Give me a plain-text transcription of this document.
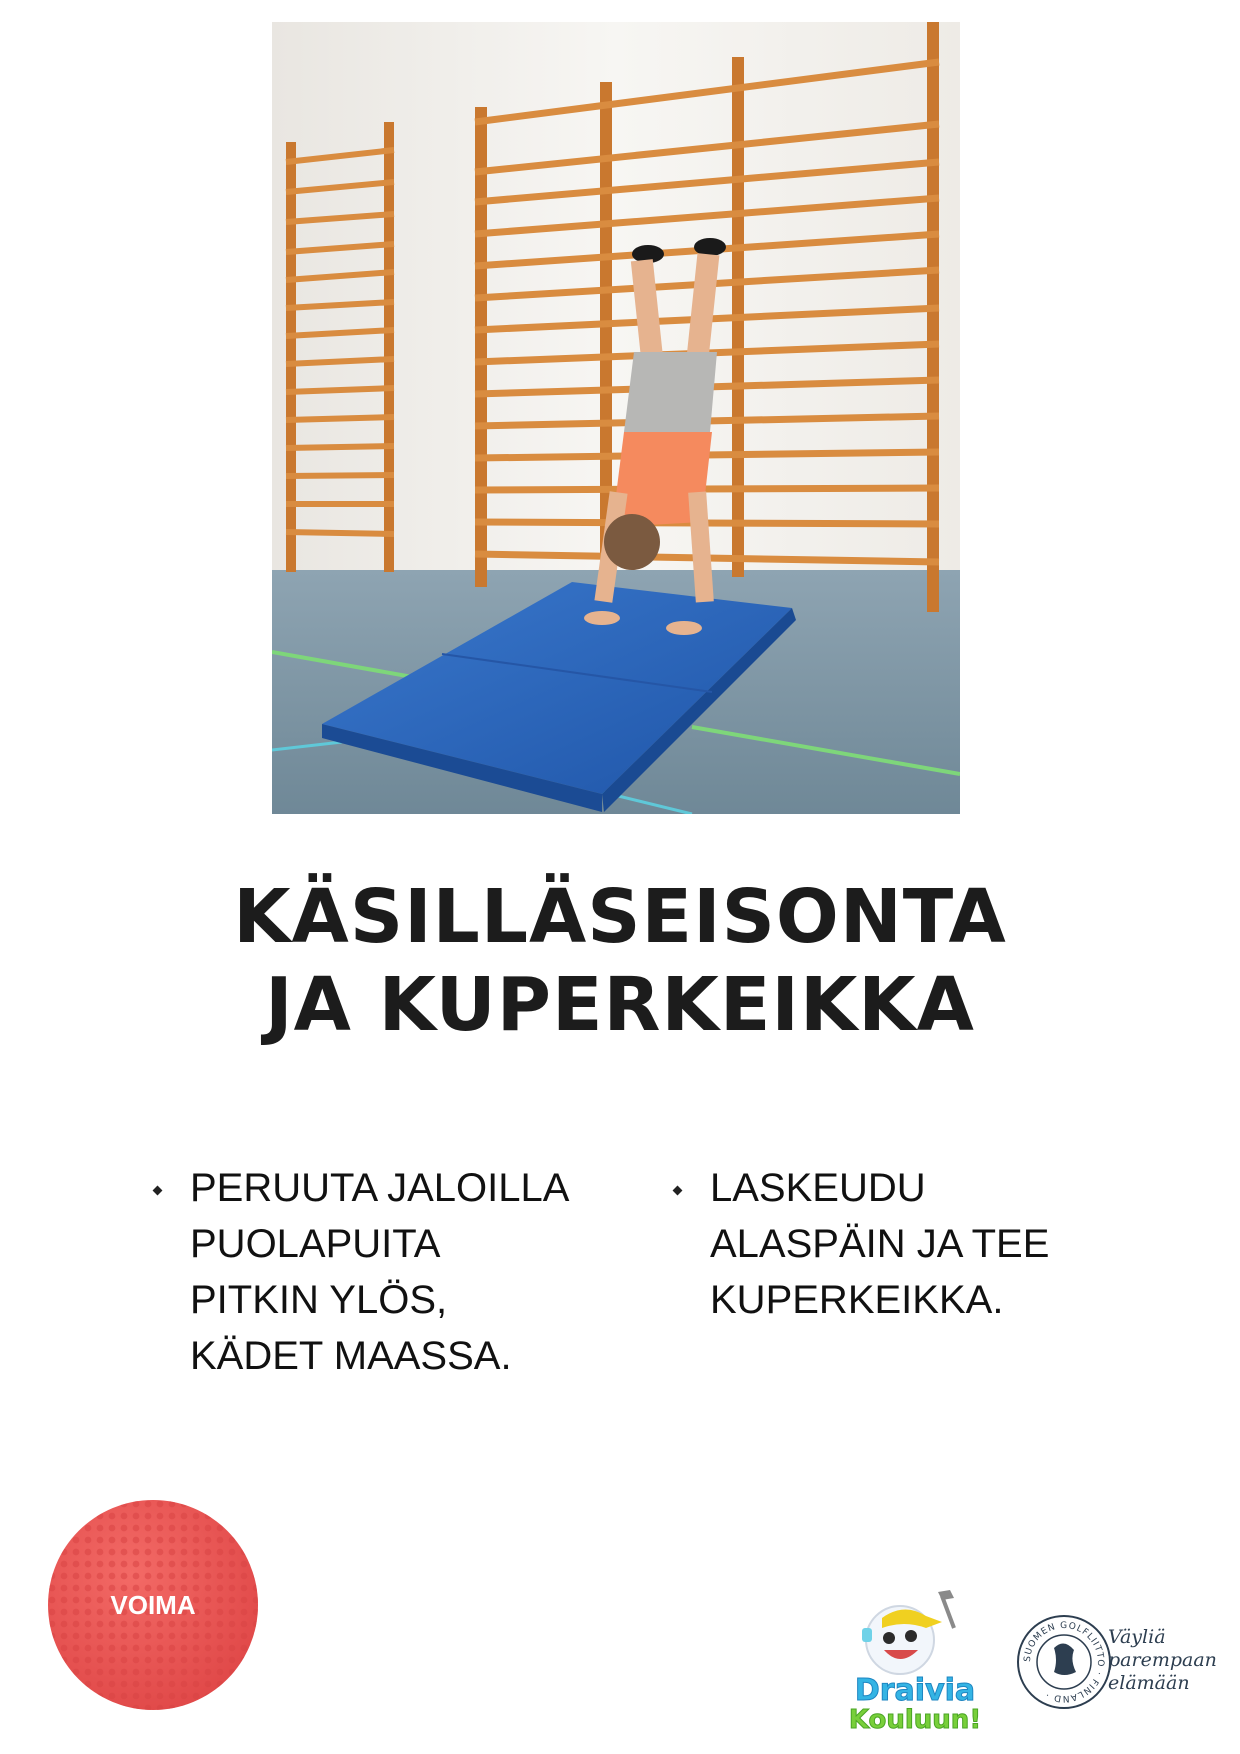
KÄSILLÄSEISONTA
JA KUPERKEIKKA
PERUUTA JALOILLA
PUOLAPUITA
PITKIN YLÖS,
KÄDET MAASSA.
LASKEUDU
ALASPÄIN JA TEE
KUPERKEIKKA.
VOIMA
Draivia
Kouluun!
SUOMEN GOLFLIITTO · FINLAND ·
Väyliä
parempaan
elämään
